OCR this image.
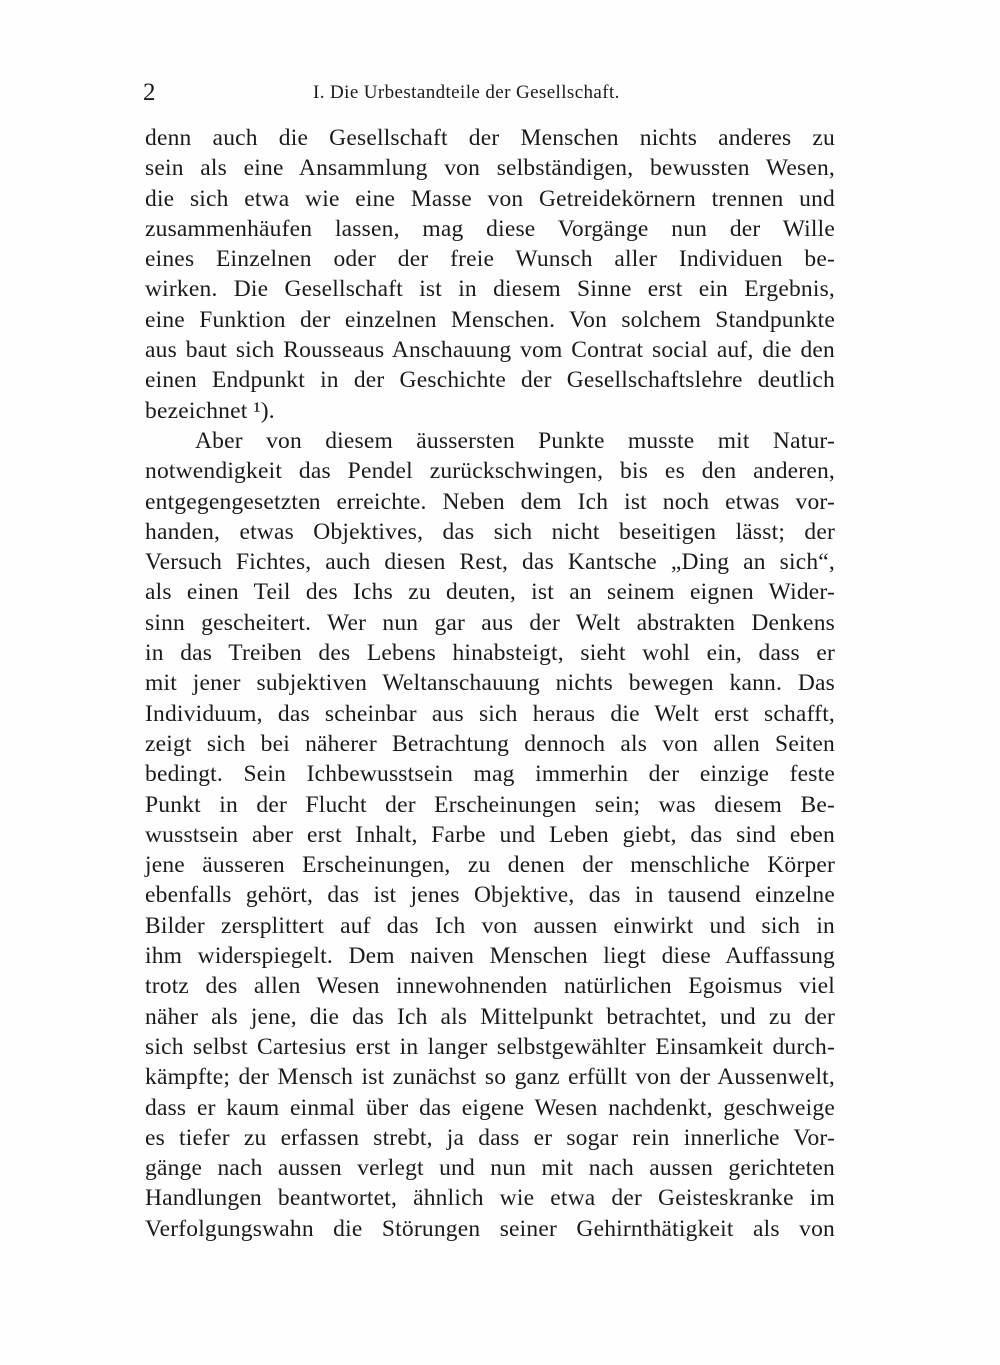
2	I. Die Urbestandteile der Gesellschaft.
denn auch die Gesellschaft der Menschen nichts anderes zu
sein als eine Ansammlung von selbständigen, bewussten Wesen,
die sich etwa wie eine Masse von Getreidekörnern trennen und
zusammenhäufen lassen, mag diese Vorgänge nun der Wille
eines Einzelnen oder der freie Wunsch aller Individuen be-
wirken. Die Gesellschaft ist in diesem Sinne erst ein Ergebnis,
eine Funktion der einzelnen Menschen. Von solchem Standpunkte
aus baut sich Rousseaus Anschauung vom Contrat social auf, die den
einen Endpunkt in der Geschichte der Gesellschaftslehre deutlich
bezeichnet ¹).
Aber von diesem äussersten Punkte musste mit Natur-
notwendigkeit das Pendel zurückschwingen, bis es den anderen,
entgegengesetzten erreichte. Neben dem Ich ist noch etwas vor-
handen, etwas Objektives, das sich nicht beseitigen lässt; der
Versuch Fichtes, auch diesen Rest, das Kantsche „Ding an sich“,
als einen Teil des Ichs zu deuten, ist an seinem eignen Wider-
sinn gescheitert. Wer nun gar aus der Welt abstrakten Denkens
in das Treiben des Lebens hinabsteigt, sieht wohl ein, dass er
mit jener subjektiven Weltanschauung nichts bewegen kann. Das
Individuum, das scheinbar aus sich heraus die Welt erst schafft,
zeigt sich bei näherer Betrachtung dennoch als von allen Seiten
bedingt. Sein Ichbewusstsein mag immerhin der einzige feste
Punkt in der Flucht der Erscheinungen sein; was diesem Be-
wusstsein aber erst Inhalt, Farbe und Leben giebt, das sind eben
jene äusseren Erscheinungen, zu denen der menschliche Körper
ebenfalls gehört, das ist jenes Objektive, das in tausend einzelne
Bilder zersplittert auf das Ich von aussen einwirkt und sich in
ihm widerspiegelt. Dem naiven Menschen liegt diese Auffassung
trotz des allen Wesen innewohnenden natürlichen Egoismus viel
näher als jene, die das Ich als Mittelpunkt betrachtet, und zu der
sich selbst Cartesius erst in langer selbstgewählter Einsamkeit durch-
kämpfte; der Mensch ist zunächst so ganz erfüllt von der Aussenwelt,
dass er kaum einmal über das eigene Wesen nachdenkt, geschweige
es tiefer zu erfassen strebt, ja dass er sogar rein innerliche Vor-
gänge nach aussen verlegt und nun mit nach aussen gerichteten
Handlungen beantwortet, ähnlich wie etwa der Geisteskranke im
Verfolgungswahn die Störungen seiner Gehirnthätigkeit als von
